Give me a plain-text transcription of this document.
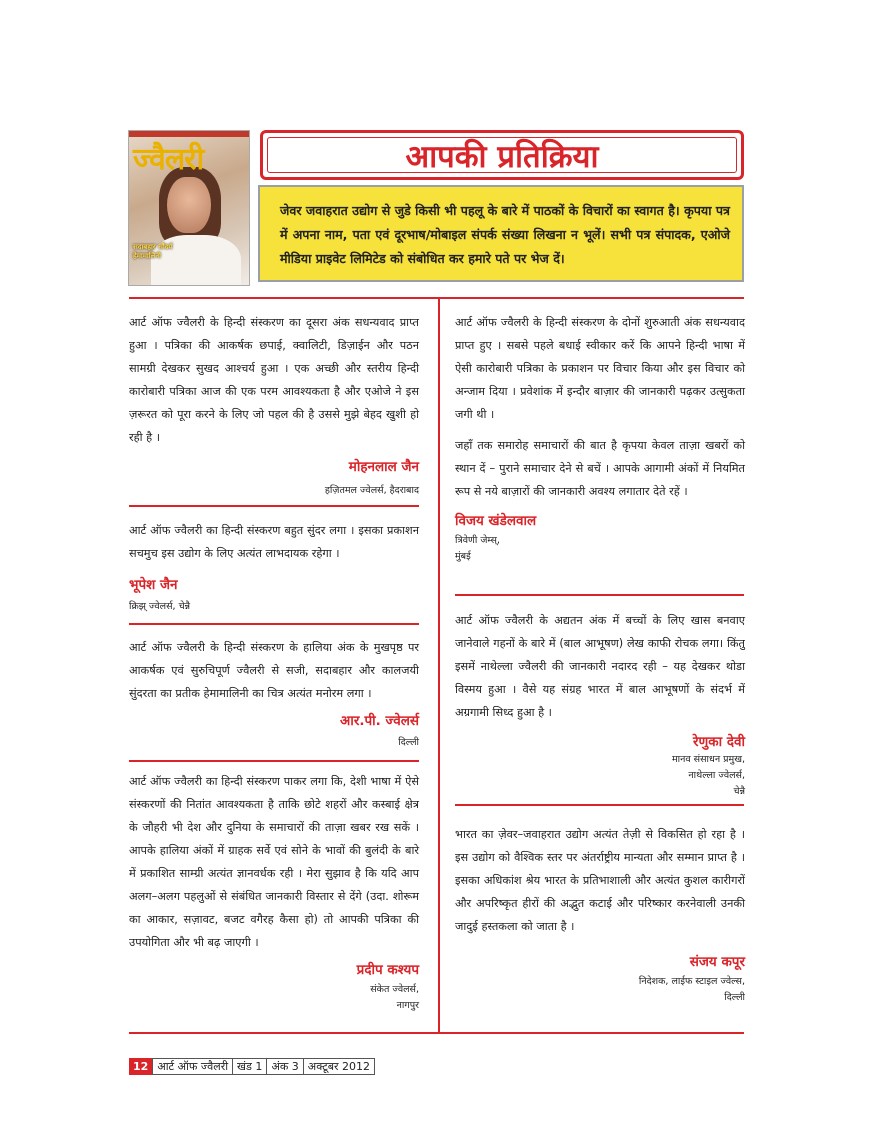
ज्वैलरी
सदाबहार सौंदर्य
हेमामालिनी
आपकी प्रतिक्रिया
जेवर जवाहरात उद्योग से जुडे किसी भी पहलू के बारे में पाठकों के विचारों का स्वागत है। कृपया पत्र में अपना नाम, पता एवं दूरभाष/मोबाइल संपर्क संख्या लिखना न भूलें। सभी पत्र संपादक, एओजे मीडिया प्राइवेट लिमिटेड को संबोधित कर हमारे पते पर भेज दें।
आर्ट ऑफ ज्वैलरी के हिन्दी संस्करण का दूसरा अंक सधन्यवाद प्राप्त हुआ । पत्रिका की आकर्षक छपाई, क्वालिटी, डिज़ाईन और पठन सामग्री देखकर सुखद आश्चर्य हुआ । एक अच्छी और स्तरीय हिन्दी कारोबारी पत्रिका आज की एक परम आवश्यकता है और एओजे ने इस ज़रूरत को पूरा करने के लिए जो पहल की है उससे मुझे बेहद खुशी हो रही है ।
मोहनलाल जैन
हज़ितमल ज्वेलर्स, हैदराबाद
आर्ट ऑफ ज्वैलरी का हिन्दी संस्करण बहुत सुंदर लगा । इसका प्रकाशन सचमुच इस उद्योग के लिए अत्यंत लाभदायक रहेगा ।
भूपेश जैन
क्रिझ् ज्वेलर्स, चेन्नै
आर्ट ऑफ ज्वैलरी के हिन्दी संस्करण के हालिया अंक के मुखपृष्ठ पर आकर्षक एवं सुरुचिपूर्ण ज्वैलरी से सजी, सदाबहार और कालजयी सुंदरता का प्रतीक हेमामालिनी का चित्र अत्यंत मनोरम लगा ।
आर.पी. ज्वेलर्स
दिल्ली
आर्ट ऑफ ज्वैलरी का हिन्दी संस्करण पाकर लगा कि, देशी भाषा में ऐसे संस्करणों की नितांत आवश्यकता है ताकि छोटे शहरों और कस्बाई क्षेत्र के जौहरी भी देश और दुनिया के समाचारों की ताज़ा खबर रख सकें । आपके हालिया अंकों में ग्राहक सर्वे एवं सोने के भावों की बुलंदी के बारे में प्रकाशित साम्ग्री अत्यंत ज्ञानवर्धक रही । मेरा सुझाव है कि यदि आप अलग–अलग पहलुओं से संबंधित जानकारी विस्तार से देंगे (उदा. शोरूम का आकार, सज़ावट, बजट वगैरह कैसा हो) तो आपकी पत्रिका की उपयोगिता और भी बढ़ जाएगी ।
प्रदीप कश्यप
संकेत ज्वेलर्स,
नागपुर
आर्ट ऑफ ज्वैलरी के हिन्दी संस्करण के दोनों शुरुआती अंक सधन्यवाद प्राप्त हुए । सबसे पहले बधाई स्वीकार करें कि आपने हिन्दी भाषा में ऐसी कारोबारी पत्रिका के प्रकाशन पर विचार किया और इस विचार को अन्जाम दिया । प्रवेशांक में इन्दौर बाज़ार की जानकारी पढ़कर उत्सुकता जगी थी ।
जहाँ तक समारोह समाचारों की बात है कृपया केवल ताज़ा खबरों को स्थान दें – पुराने समाचार देने से बचें । आपके आगामी अंकों में नियमित रूप से नये बाज़ारों की जानकारी अवश्य लगातार देते रहें ।
विजय खंडेलवाल
त्रिवेणी जेम्स्,
मुंबई
आर्ट ऑफ ज्वैलरी के अद्यतन अंक में बच्चों के लिए खास बनवाए जानेवाले गहनों के बारे में (बाल आभूषण) लेख काफी रोचक लगा। किंतु इसमें नाथेल्ला ज्वैलरी की जानकारी नदारद रही – यह देखकर थोडा विस्मय हुआ । वैसे यह संग्रह भारत में बाल आभूषणों के संदर्भ में अग्रगामी सिध्द हुआ है ।
रेणुका देवी
मानव संसाधन प्रमुख,
नाथेल्ला ज्वेलर्स,
चेन्नै
भारत का ज़ेवर–जवाहरात उद्योग अत्यंत तेज़ी से विकसित हो रहा है । इस उद्योग को वैश्विक स्तर पर अंतर्राष्ट्रीय मान्यता और सम्मान प्राप्त है । इसका अधिकांश श्रेय भारत के प्रतिभाशाली और अत्यंत कुशल कारीगरों और अपरिष्कृत हीरों की अद्भुत कटाई और परिष्कार करनेवाली उनकी जादुई हस्तकला को जाता है ।
संजय कपूर
निदेशक, लाईफ स्टाइल ज्वेल्स,
दिल्ली
12 आर्ट ऑफ ज्वैलरी खंड 1 अंक 3 अक्टूबर 2012
